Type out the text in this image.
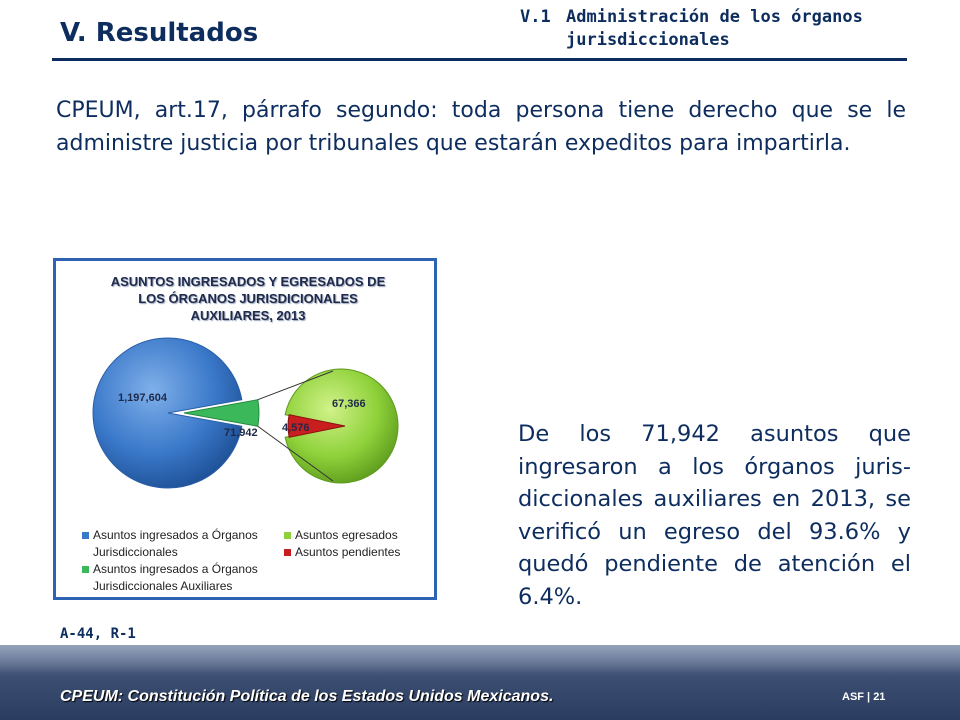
V. Resultados
V.1 Administración de los órganos
jurisdiccionales
CPEUM, art.17, párrafo segundo: toda persona tiene derecho que se le administre justicia por tribunales que estarán expeditos para impartirla.
ASUNTOS INGRESADOS Y EGRESADOS DE
LOS ÓRGANOS JURISDICIONALES
AUXILIARES, 2013
1,197,604
71,942
67,366
4,576
Asuntos ingresados a Órganos
Jurisdiccionales
Asuntos ingresados a Órganos
Jurisdiccionales Auxiliares
Asuntos egresados
Asuntos pendientes
De los 71,942 asuntos que ingresaron a los órganos juris-diccionales auxiliares en 2013, se verificó un egreso del 93.6% y quedó pendiente de atención el 6.4%.
A-44, R-1
CPEUM: Constitución Política de los Estados Unidos Mexicanos.	ASF | 21
